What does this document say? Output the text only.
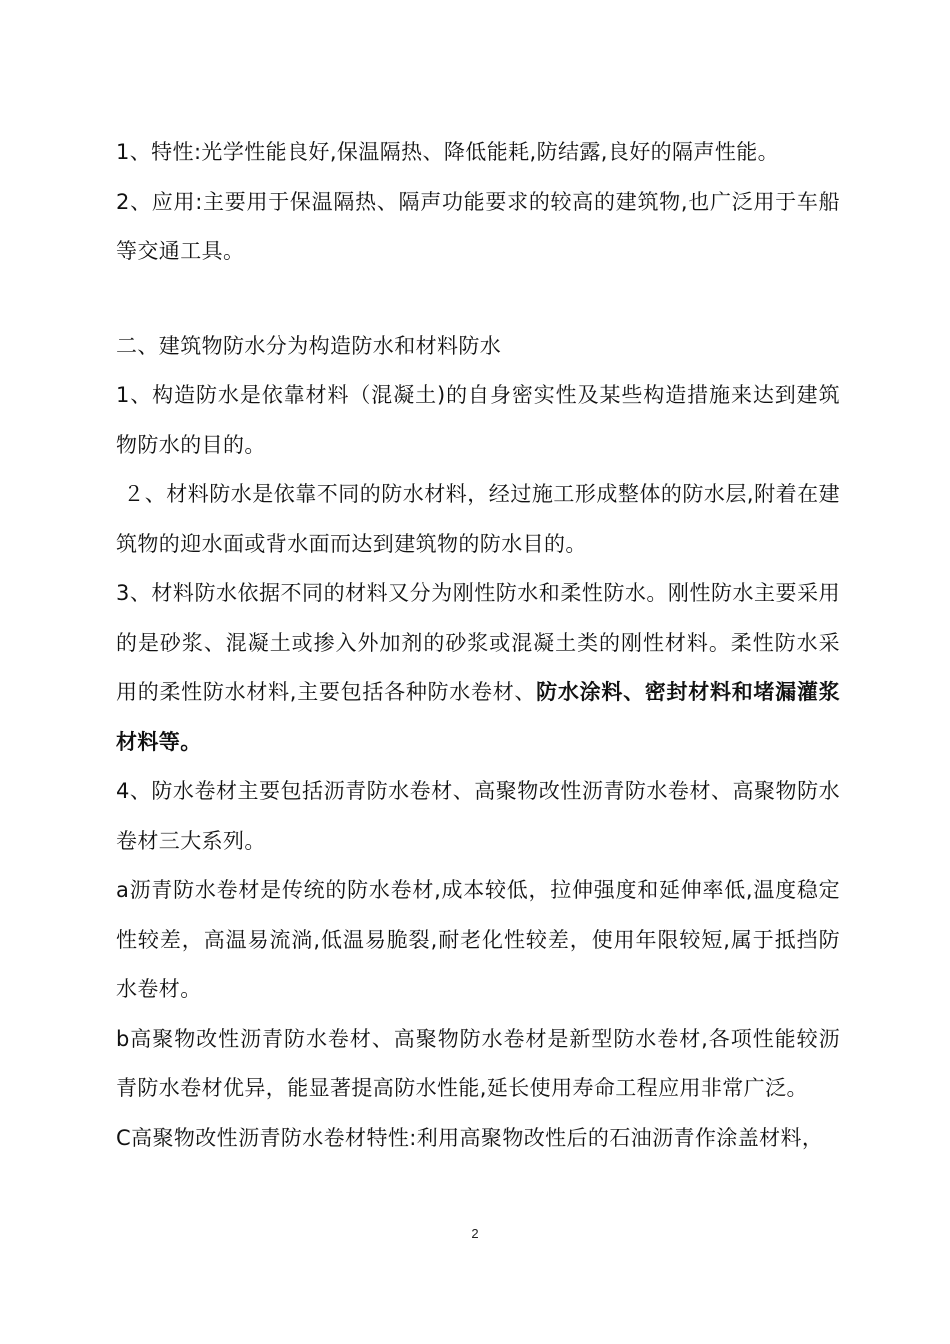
1、特性:光学性能良好,保温隔热、降低能耗,防结露,良好的隔声性能。

2、应用:主要用于保温隔热、隔声功能要求的较高的建筑物,也广泛用于车船等交通工具。

二、建筑物防水分为构造防水和材料防水

1、构造防水是依靠材料（混凝土)的自身密实性及某些构造措施来达到建筑物防水的目的。

２、材料防水是依靠不同的防水材料，经过施工形成整体的防水层,附着在建筑物的迎水面或背水面而达到建筑物的防水目的。

3、材料防水依据不同的材料又分为刚性防水和柔性防水。刚性防水主要采用的是砂浆、混凝土或掺入外加剂的砂浆或混凝土类的刚性材料。柔性防水采用的柔性防水材料,主要包括各种防水卷材、防水涂料、密封材料和堵漏灌浆材料等。

4、防水卷材主要包括沥青防水卷材、高聚物改性沥青防水卷材、高聚物防水卷材三大系列。

a沥青防水卷材是传统的防水卷材,成本较低，拉伸强度和延伸率低,温度稳定性较差，高温易流淌,低温易脆裂,耐老化性较差，使用年限较短,属于抵挡防水卷材。

b高聚物改性沥青防水卷材、高聚物防水卷材是新型防水卷材,各项性能较沥青防水卷材优异，能显著提高防水性能,延长使用寿命工程应用非常广泛。

C高聚物改性沥青防水卷材特性:利用高聚物改性后的石油沥青作涂盖材料，

2
